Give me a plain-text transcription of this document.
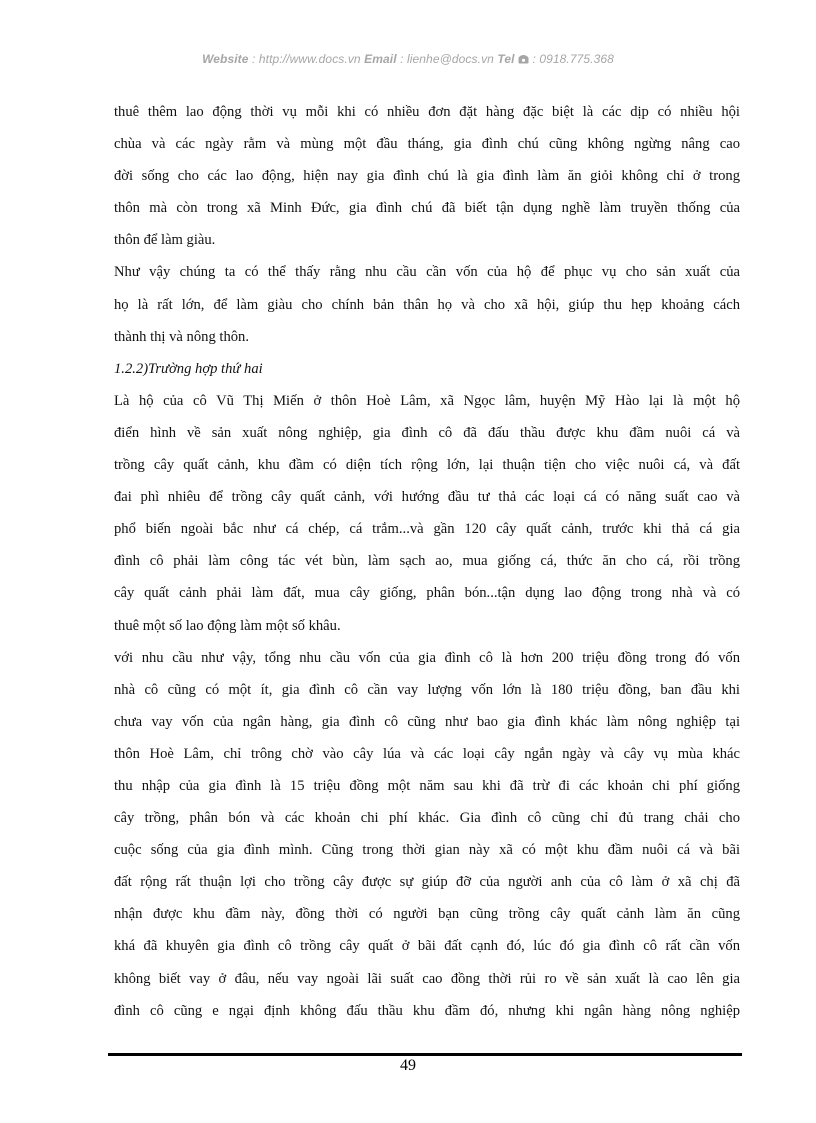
Website : http://www.docs.vn Email : lienhe@docs.vn Tel  : 0918.775.368
thuê thêm lao động thời vụ mỗi khi có nhiều đơn đặt hàng đặc biệt là các dịp có nhiều hội
chùa và các ngày rằm và mùng một đầu tháng, gia đình chú cũng không ngừng nâng cao
đời sống cho các lao động, hiện nay gia đình chú là gia đình làm ăn giỏi không chỉ ở trong
thôn mà còn trong xã Minh Đức, gia đình chú đã biết tận dụng nghề làm truyền thống của
thôn để làm giàu.
Như vậy chúng ta có thể thấy rằng nhu cầu cần vốn của hộ để phục vụ cho sản xuất của
họ là rất lớn, để làm giàu cho chính bản thân họ và cho xã hội, giúp thu hẹp khoảng cách
thành thị và nông thôn.
1.2.2)Trường hợp thứ hai
Là hộ của cô Vũ Thị Miến ở thôn Hoè Lâm, xã Ngọc lâm, huyện Mỹ Hào lại là một hộ
điển hình về sản xuất nông nghiệp, gia đình cô đã đấu thầu được khu đầm nuôi cá và
trồng cây quất cảnh, khu đầm có diện tích rộng lớn, lại thuận tiện cho việc nuôi cá, và đất
đai phì nhiêu để trồng cây quất cảnh, với hướng đầu tư thả các loại cá có năng suất cao và
phổ biến ngoài bắc như cá chép, cá trắm...và gần 120 cây quất cảnh, trước khi thả cá gia
đình cô phải làm công tác vét bùn, làm sạch ao, mua giống cá, thức ăn cho cá, rồi trồng
cây quất cảnh phải làm đất, mua cây giống, phân bón...tận dụng lao động trong nhà và có
thuê một số lao động làm một số khâu.
với nhu cầu như vậy, tổng nhu cầu vốn của gia đình cô là hơn 200 triệu đồng trong đó vốn
nhà cô cũng có một ít, gia đình cô cần vay lượng vốn lớn là 180 triệu đồng, ban đầu khi
chưa vay vốn của ngân hàng, gia đình cô cũng như bao gia đình khác làm nông nghiệp tại
thôn Hoè Lâm, chỉ trông chờ vào cây lúa và các loại cây ngắn ngày và cây vụ mùa khác
thu nhập của gia đình là 15 triệu đồng một năm sau khi đã trừ đi các khoản chi phí giống
cây trồng, phân bón và các khoản chi phí khác. Gia đình cô cũng chỉ đủ trang chải cho
cuộc sống của gia đình mình. Cũng trong thời gian này xã có một khu đầm nuôi cá và bãi
đất rộng rất thuận lợi cho trồng cây được sự giúp đỡ của người anh của cô làm ở xã chị đã
nhận được khu đầm này, đồng thời có người bạn cũng trồng cây quất cảnh làm ăn cũng
khá đã khuyên gia đình cô trồng cây quất ở bãi đất cạnh đó, lúc đó gia đình cô rất cần vốn
không biết vay ở đâu, nếu vay ngoài lãi suất cao đồng thời rủi ro về sản xuất là cao lên gia
đình cô cũng e ngại định không đấu thầu khu đầm đó, nhưng khi ngân hàng nông nghiệp
49
